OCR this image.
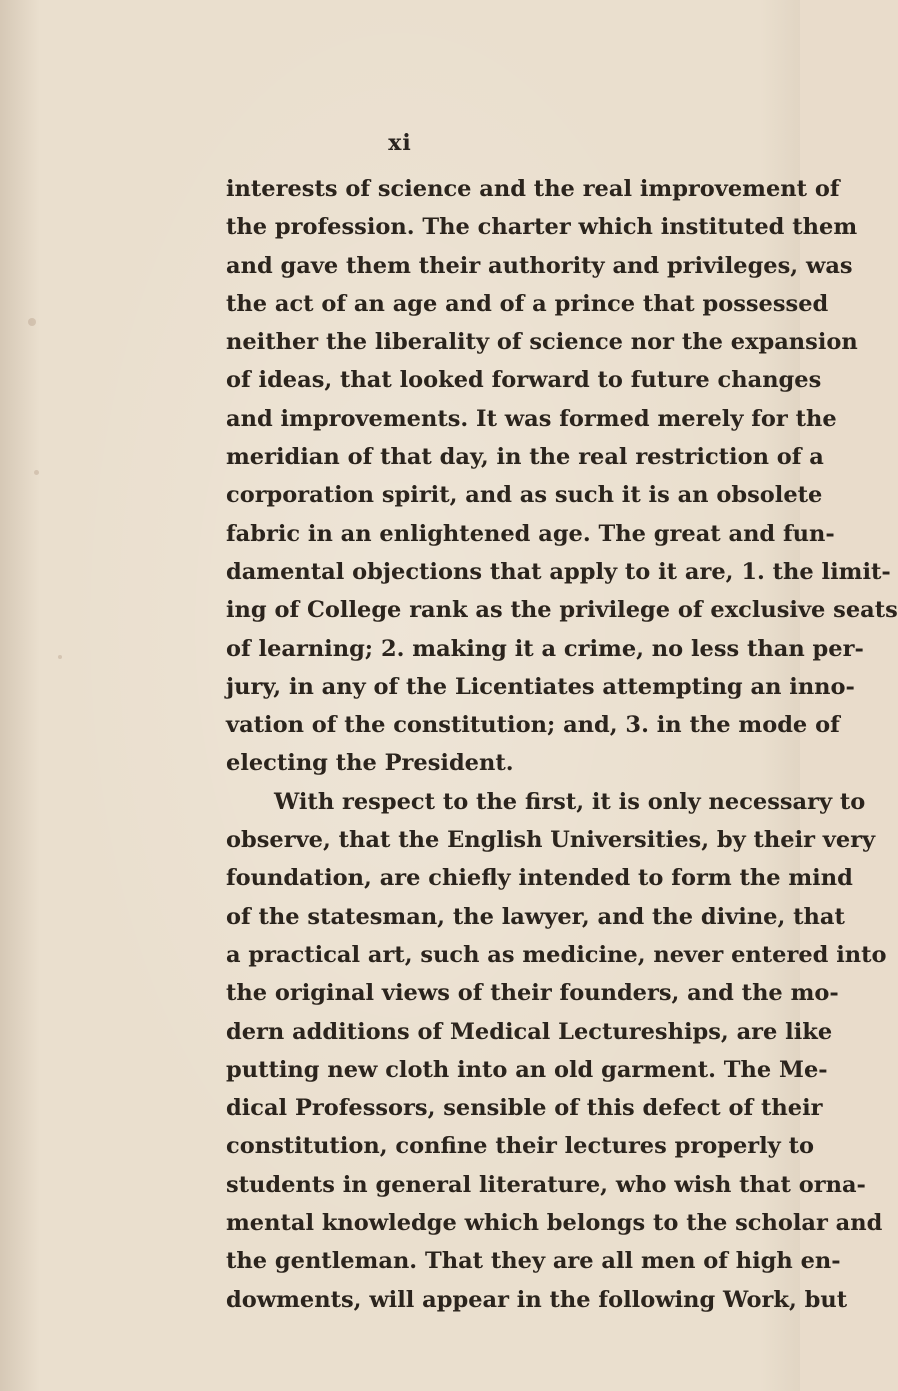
xi
interests of science and the real improvement of
the profession. The charter which instituted them
and gave them their authority and privileges, was
the act of an age and of a prince that possessed
neither the liberality of science nor the expansion
of ideas, that looked forward to future changes
and improvements. It was formed merely for the
meridian of that day, in the real restriction of a
corporation spirit, and as such it is an obsolete
fabric in an enlightened age. The great and fun-
damental objections that apply to it are, 1. the limit-
ing of College rank as the privilege of exclusive seats
of learning; 2. making it a crime, no less than per-
jury, in any of the Licentiates attempting an inno-
vation of the constitution; and, 3. in the mode of
electing the President.
With respect to the first, it is only necessary to
observe, that the English Universities, by their very
foundation, are chiefly intended to form the mind
of the statesman, the lawyer, and the divine, that
a practical art, such as medicine, never entered into
the original views of their founders, and the mo-
dern additions of Medical Lectureships, are like
putting new cloth into an old garment. The Me-
dical Professors, sensible of this defect of their
constitution, confine their lectures properly to
students in general literature, who wish that orna-
mental knowledge which belongs to the scholar and
the gentleman. That they are all men of high en-
dowments, will appear in the following Work, but
